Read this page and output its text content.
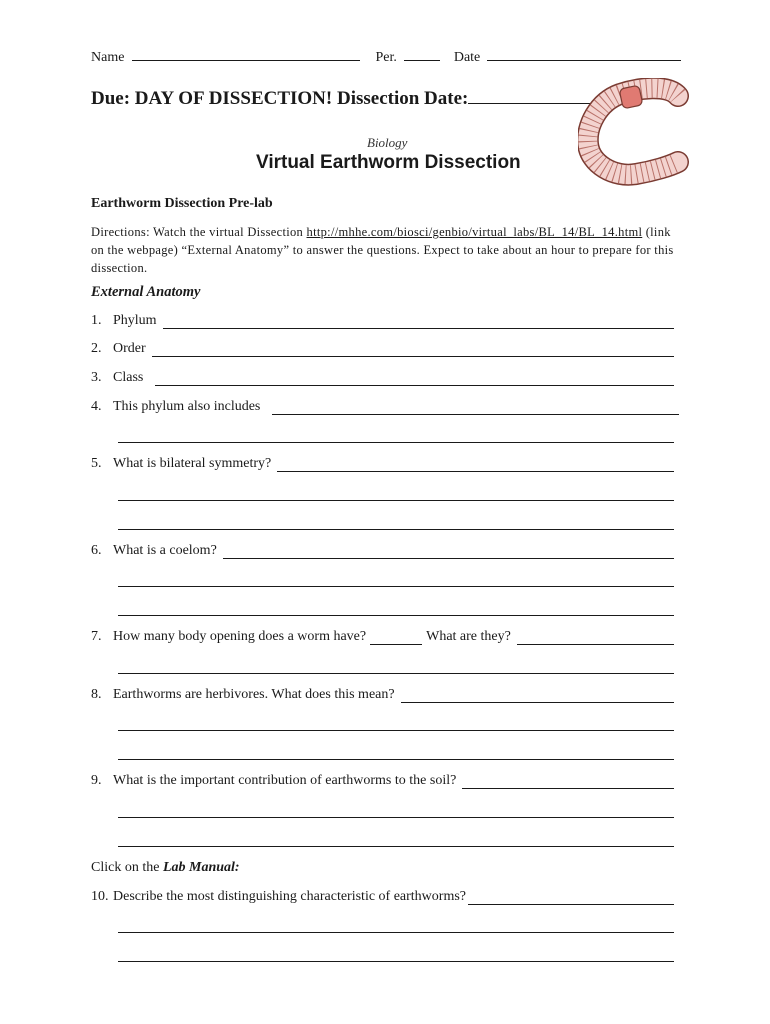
Name	Per.	Date
Due: DAY OF DISSECTION! Dissection Date:
Biology
Virtual Earthworm Dissection
Earthworm Dissection Pre-lab
Directions: Watch the virtual Dissection http://mhhe.com/biosci/genbio/virtual_labs/BL_14/BL_14.html (link on the webpage) “External Anatomy” to answer the questions. Expect to take about an hour to prepare for this dissection.
External Anatomy
1. Phylum
2. Order
3. Class
4. This phylum also includes
5. What is bilateral symmetry?
6. What is a coelom?
7. How many body opening does a worm have?	What are they?
8. Earthworms are herbivores. What does this mean?
9. What is the important contribution of earthworms to the soil?
Click on the Lab Manual:
10. Describe the most distinguishing characteristic of earthworms?
